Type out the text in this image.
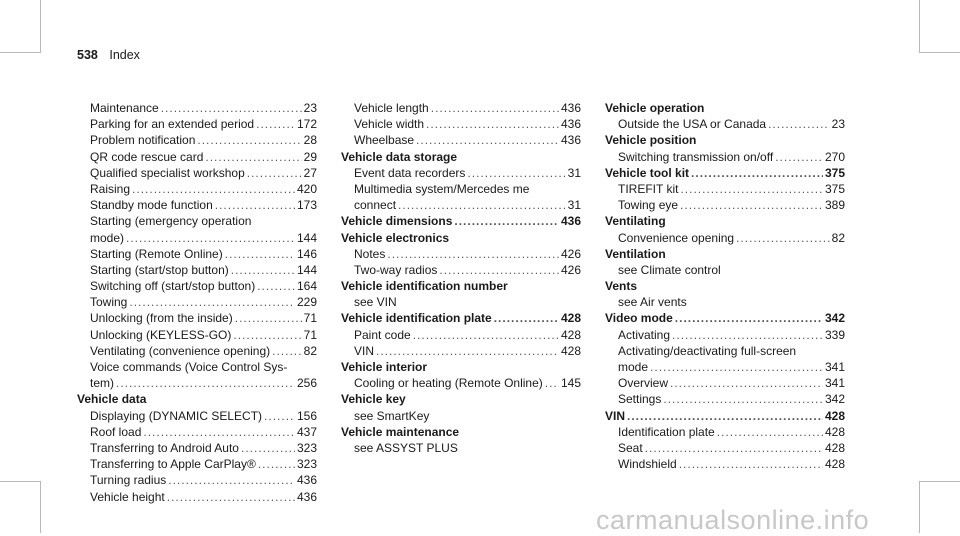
538 Index
Maintenance .....	23
Parking for an extended period .....	172
Problem notification .....	28
QR code rescue card .....	29
Qualified specialist workshop .....	27
Raising .....	420
Standby mode function .....	173
Starting (emergency operation
mode) .....	144
Starting (Remote Online) .....	146
Starting (start/stop button) .....	144
Switching off (start/stop button) .....	164
Towing .....	229
Unlocking (from the inside) .....	71
Unlocking (KEYLESS-GO) .....	71
Ventilating (convenience opening) .....	82
Voice commands (Voice Control Sys-
tem) .....	256
Vehicle data
Displaying (DYNAMIC SELECT) .....	156
Roof load .....	437
Transferring to Android Auto .....	323
Transferring to Apple CarPlay® .....	323
Turning radius .....	436
Vehicle height .....	436
Vehicle length .....	436
Vehicle width .....	436
Wheelbase .....	436
Vehicle data storage
Event data recorders .....	31
Multimedia system/Mercedes me
connect .....	31
Vehicle dimensions .....	436
Vehicle electronics
Notes .....	426
Two-way radios .....	426
Vehicle identification number
see VIN
Vehicle identification plate .....	428
Paint code .....	428
VIN .....	428
Vehicle interior
Cooling or heating (Remote Online) ..... 145
Vehicle key
see SmartKey
Vehicle maintenance
see ASSYST PLUS
Vehicle operation
Outside the USA or Canada .....	23
Vehicle position
Switching transmission on/off .....	270
Vehicle tool kit .....	375
TIREFIT kit .....	375
Towing eye .....	389
Ventilating
Convenience opening .....	82
Ventilation
see Climate control
Vents
see Air vents
Video mode .....	342
Activating .....	339
Activating/deactivating full-screen
mode .....	341
Overview .....	341
Settings .....	342
VIN .....	428
Identification plate .....	428
Seat .....	428
Windshield .....	428
carmanualsonline.info
